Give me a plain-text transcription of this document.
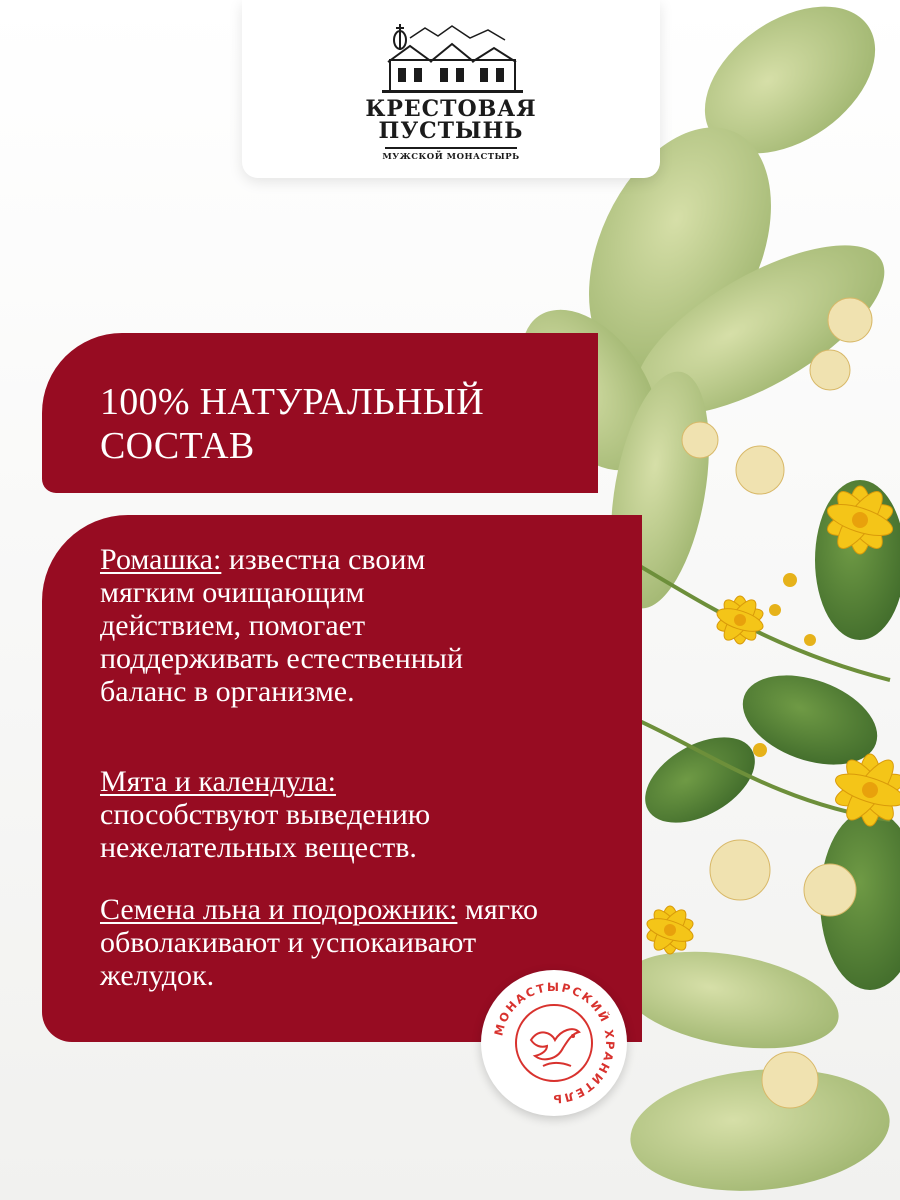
КРЕСТОВАЯ
ПУСТЫНЬ
МУЖСКОЙ МОНАСТЫРЬ
100% НАТУРАЛЬНЫЙ СОСТАВ

Ромашка: известна своим мягким очищающим действием, помогает поддерживать естественный баланс в организме.

Мята и календула: способствуют выведению нежелательных веществ.

Семена льна и подорожник: мягко обволакивают и успокаивают желудок.

МОНАСТЫРСКИЙ ХРАНИТЕЛЬ
